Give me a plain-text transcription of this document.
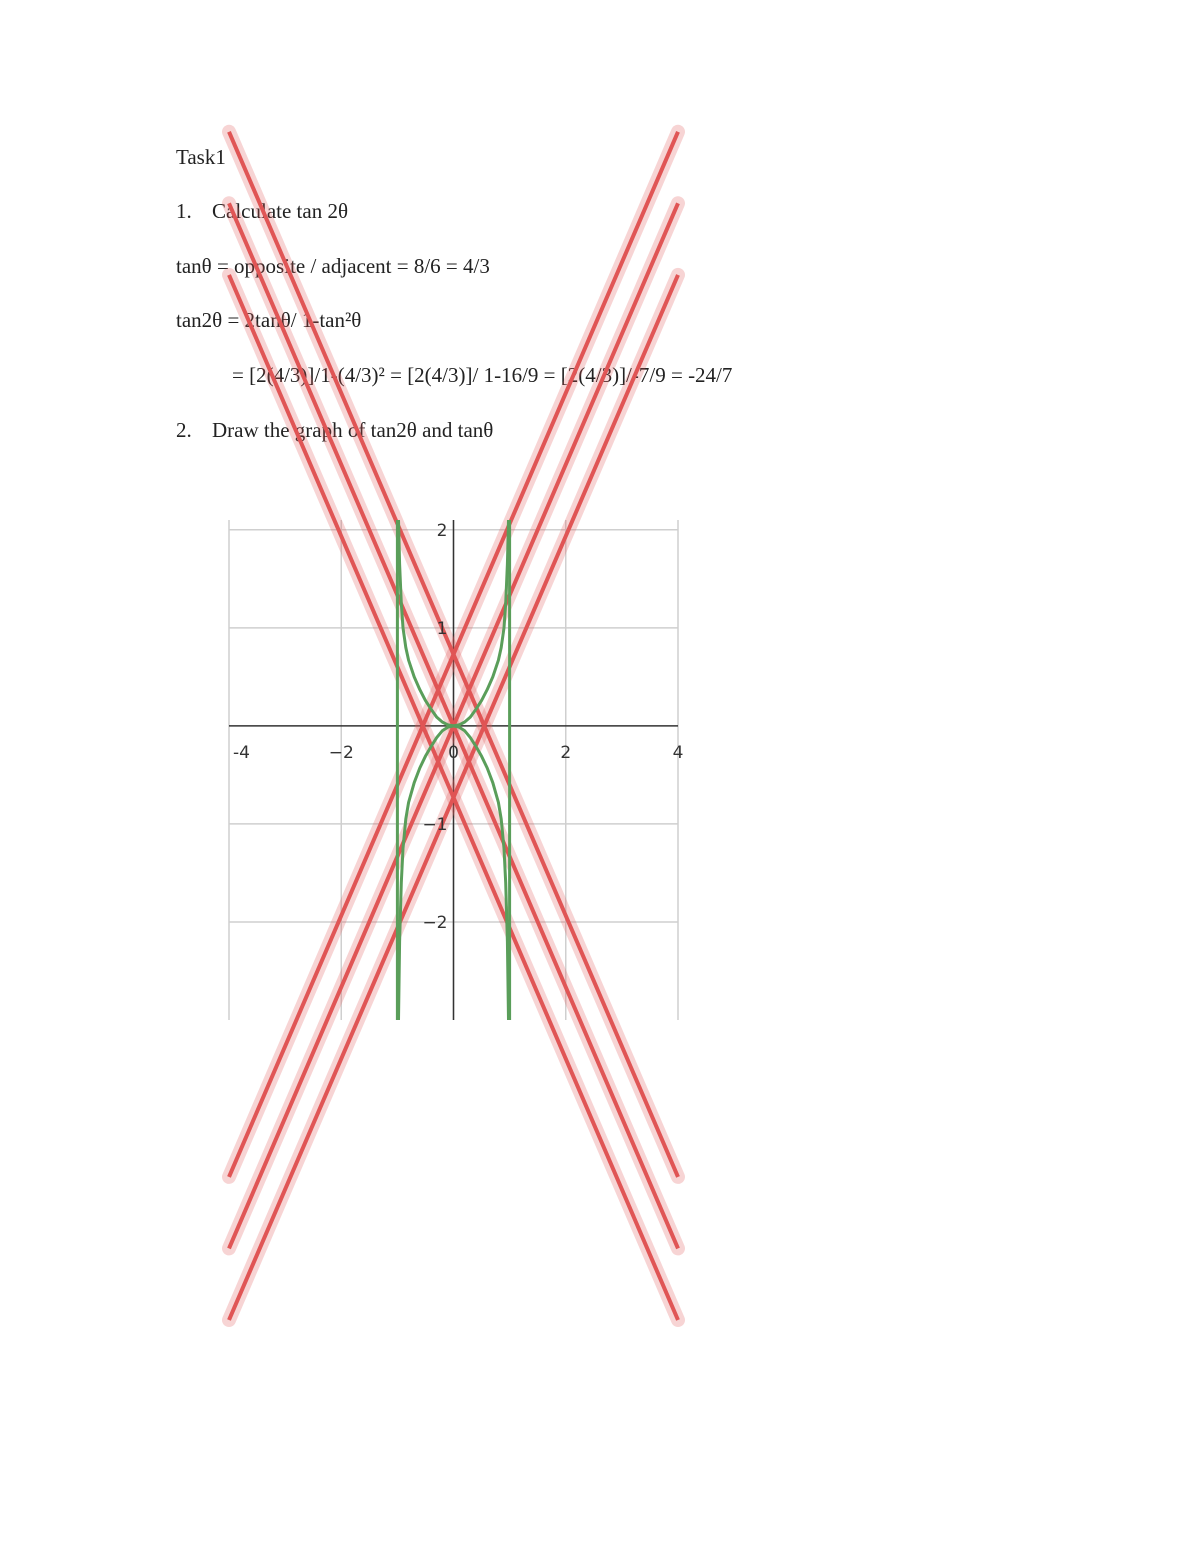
Task1
1. Calculate tan 2θ
tanθ = opposite / adjacent = 8/6 = 4/3
tan2θ = 2tanθ/ 1-tan²θ
= [2(4/3)]/1-(4/3)² = [2(4/3)]/ 1-16/9 = [2(4/3)]/-7/9 = -24/7
2. Draw the graph of tan2θ and tanθ
-4	−2	0	2	4
−2
−1
1
2
